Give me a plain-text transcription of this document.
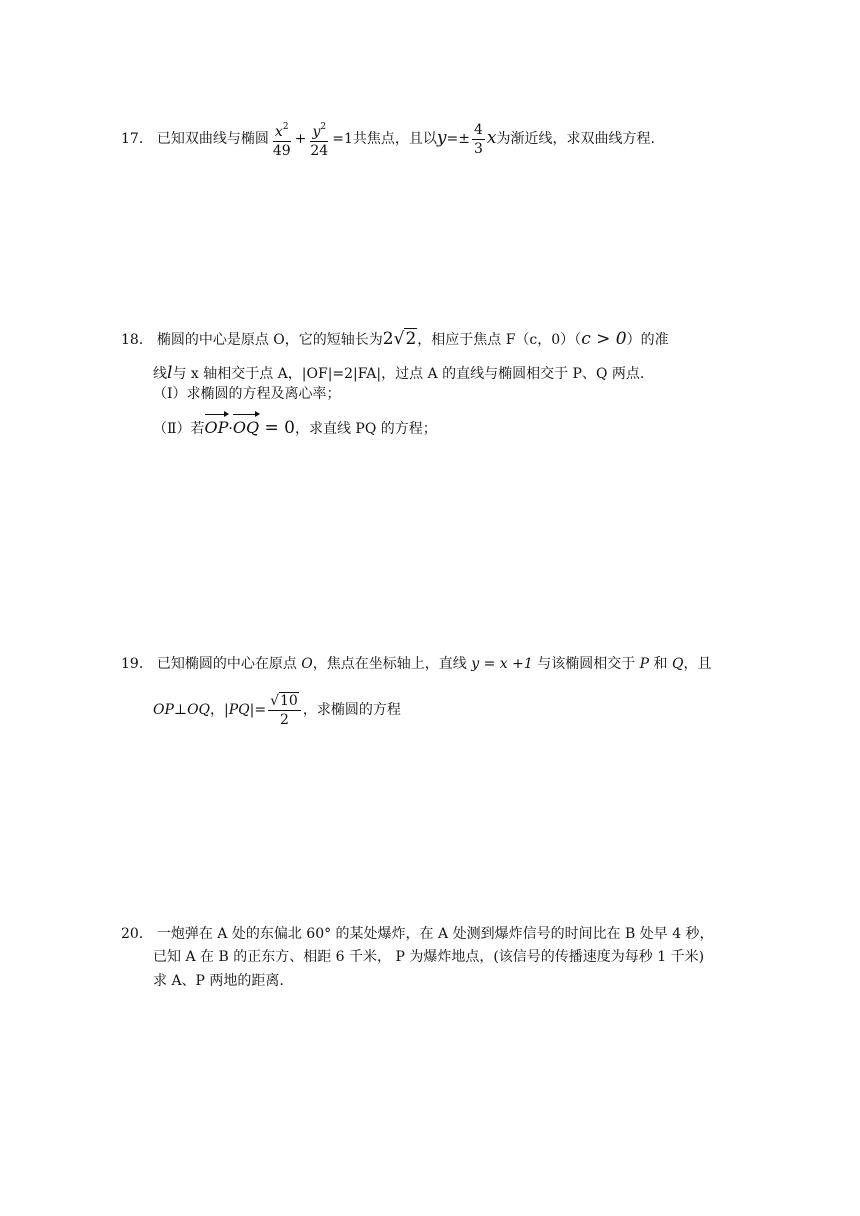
17． 已知双曲线与椭圆 $\frac{x^2}{49} + \frac{y^2}{24} =1$共焦点，且以$y=\pm \frac{4}{3}$ x为渐近线，求双曲线方程.
18． 椭圆的中心是原点 O，它的短轴长为2√2，相应于焦点 F（c，0）（c > 0）的准
线l与 x 轴相交于点 A，|OF|=2|FA|，过点 A 的直线与椭圆相交于 P、Q 两点.
（Ⅰ）求椭圆的方程及离心率；
（Ⅱ）若OP·OQ = 0，求直线 PQ 的方程；
19． 已知椭圆的中心在原点 O，焦点在坐标轴上，直线 y = x +1 与该椭圆相交于 P 和 Q，且
OP⊥OQ，$|PQ|= \frac{√10}{2}$ ，求椭圆的方程
20． 一炮弹在 A 处的东偏北 60° 的某处爆炸，在 A 处测到爆炸信号的时间比在 B 处早 4 秒，
已知 A 在 B 的正东方、相距 6 千米， P 为爆炸地点，(该信号的传播速度为每秒 1 千米)
求 A、P 两地的距离.
